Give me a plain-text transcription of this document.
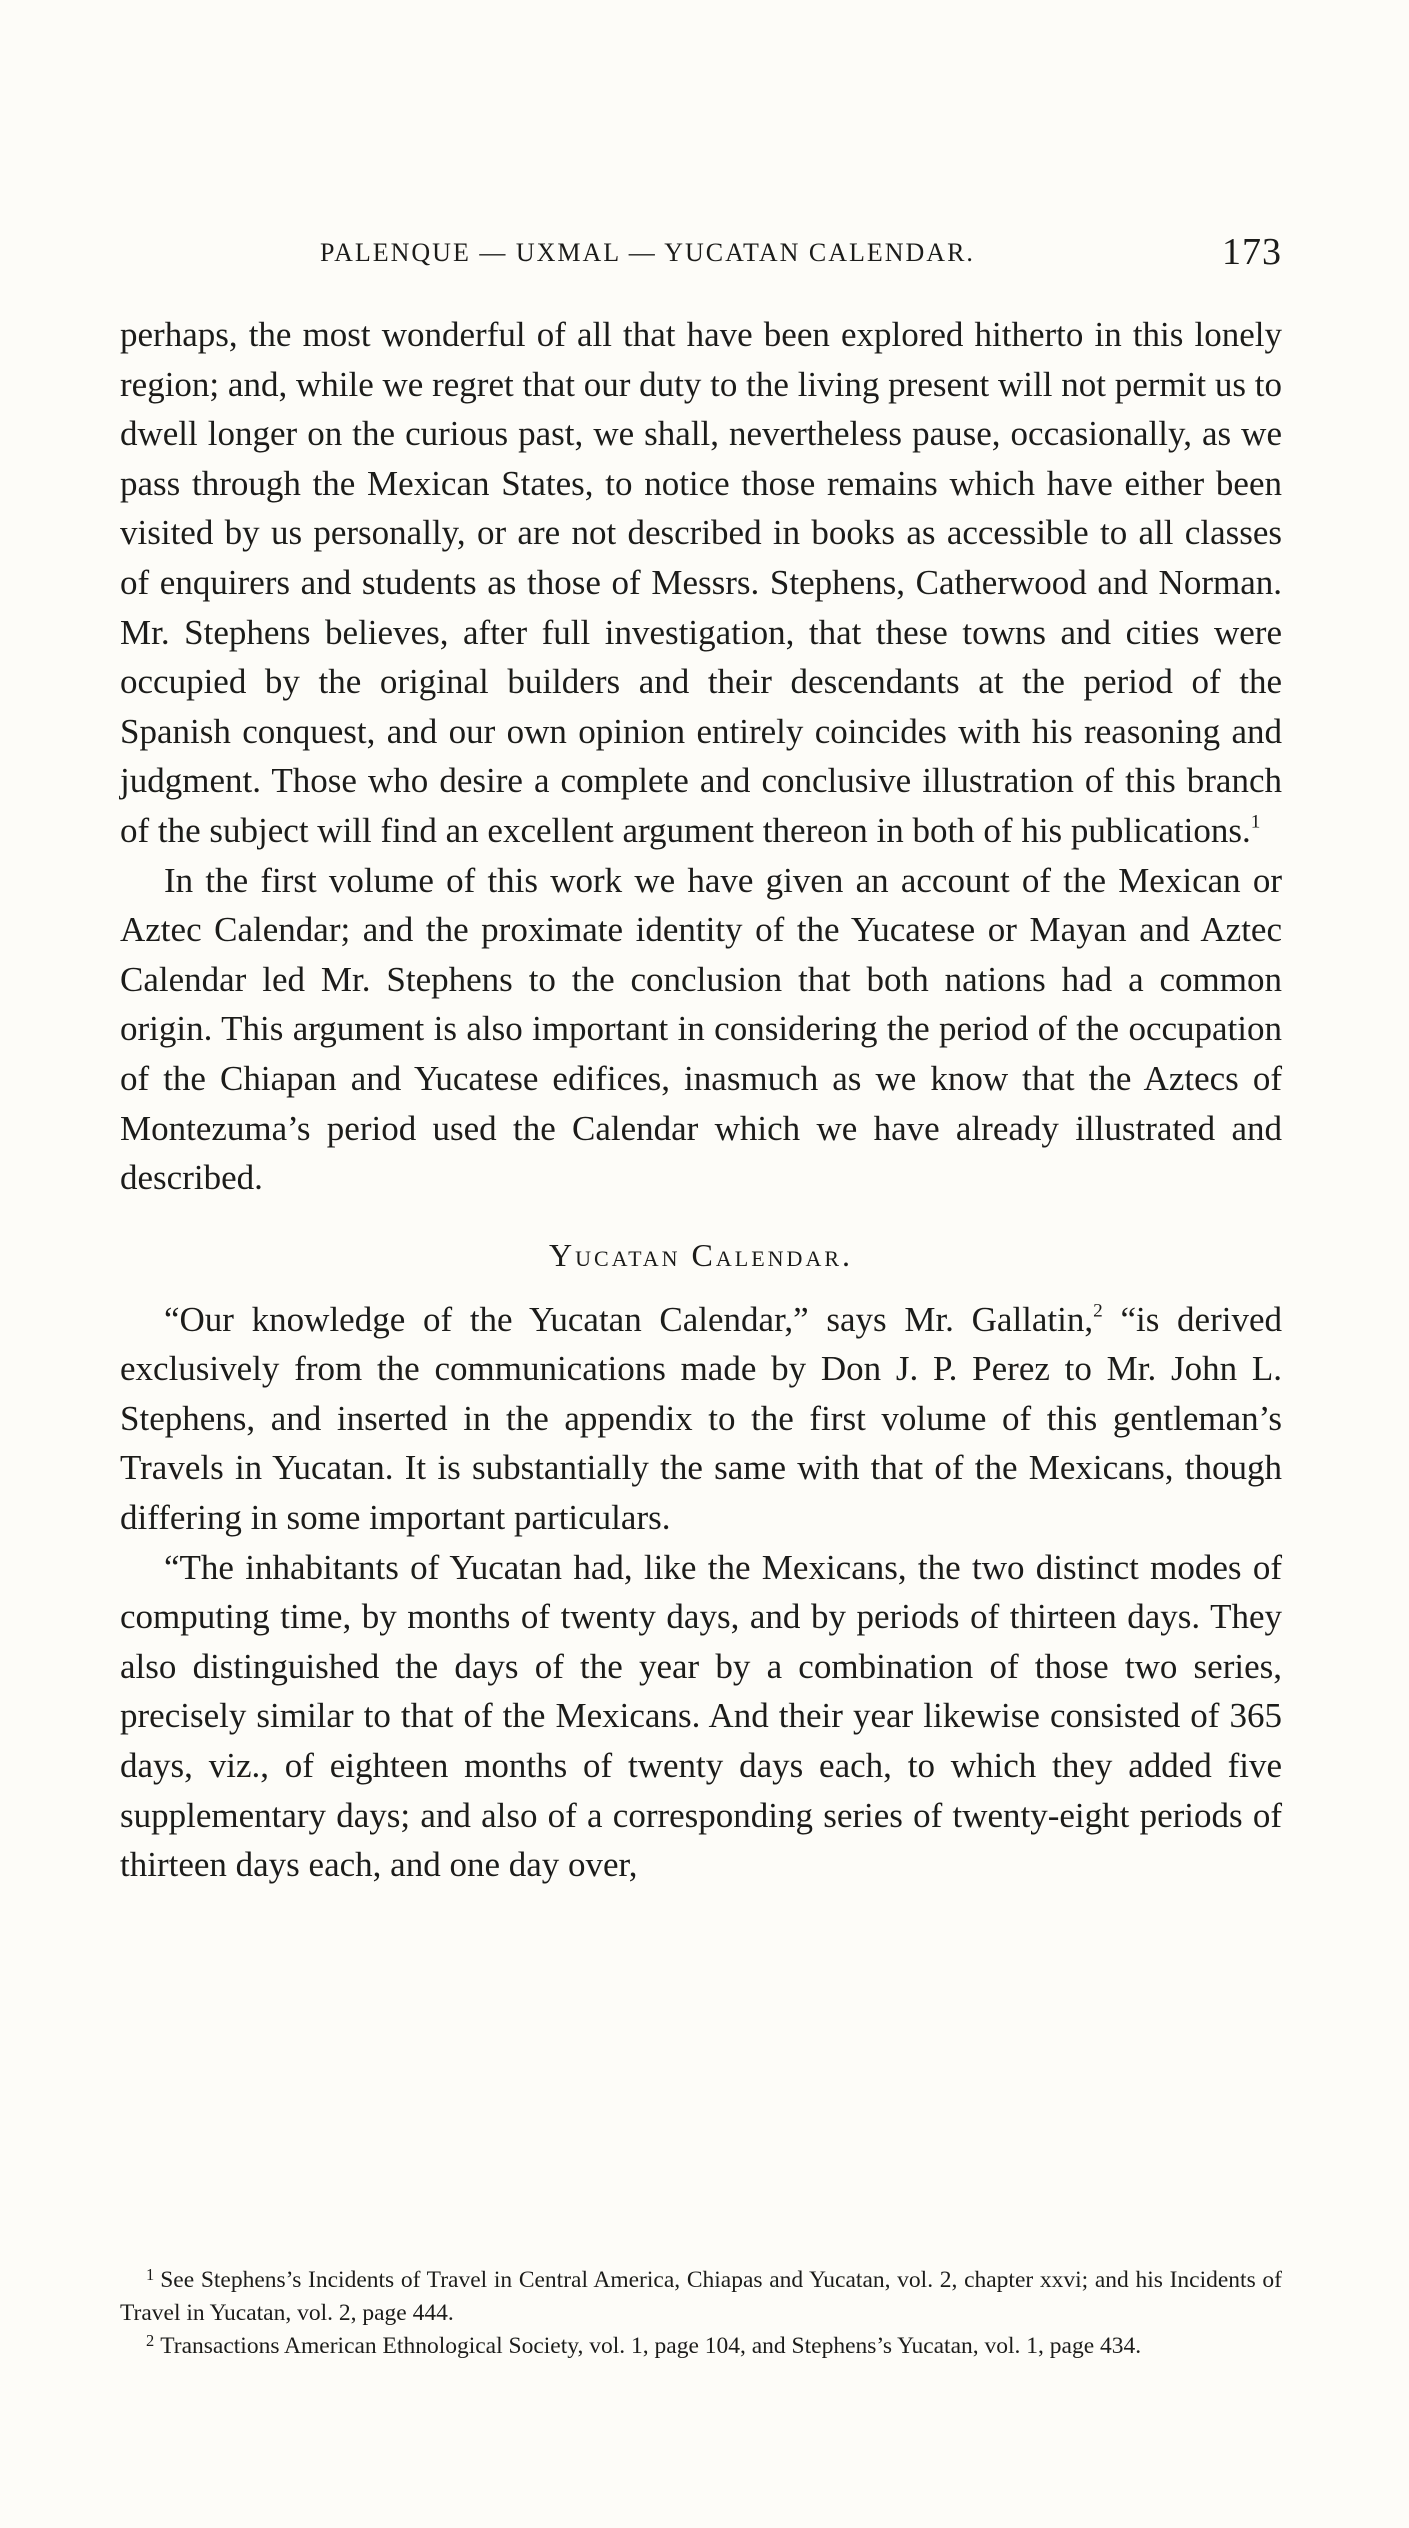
PALENQUE — UXMAL — YUCATAN CALENDAR.	173

perhaps, the most wonderful of all that have been explored hitherto in this lonely region; and, while we regret that our duty to the living present will not permit us to dwell longer on the curious past, we shall, nevertheless pause, occasionally, as we pass through the Mexican States, to notice those remains which have either been visited by us personally, or are not described in books as accessible to all classes of enquirers and students as those of Messrs. Stephens, Catherwood and Norman. Mr. Stephens believes, after full investigation, that these towns and cities were occupied by the original builders and their descendants at the period of the Spanish conquest, and our own opinion entirely coincides with his reasoning and judgment. Those who desire a complete and conclusive illustration of this branch of the subject will find an excellent argument thereon in both of his publications.$^1$

In the first volume of this work we have given an account of the Mexican or Aztec Calendar; and the proximate identity of the Yucatese or Mayan and Aztec Calendar led Mr. Stephens to the conclusion that both nations had a common origin. This argument is also important in considering the period of the occupation of the Chiapan and Yucatese edifices, inasmuch as we know that the Aztecs of Montezuma’s period used the Calendar which we have already illustrated and described.

Yucatan Calendar.

“Our knowledge of the Yucatan Calendar,” says Mr. Gallatin,$^2$ “is derived exclusively from the communications made by Don J. P. Perez to Mr. John L. Stephens, and inserted in the appendix to the first volume of this gentleman’s Travels in Yucatan. It is substantially the same with that of the Mexicans, though differing in some important particulars.

“The inhabitants of Yucatan had, like the Mexicans, the two distinct modes of computing time, by months of twenty days, and by periods of thirteen days. They also distinguished the days of the year by a combination of those two series, precisely similar to that of the Mexicans. And their year likewise consisted of 365 days, viz., of eighteen months of twenty days each, to which they added five supplementary days; and also of a corresponding series of twenty-eight periods of thirteen days each, and one day over,

$^1$ See Stephens’s Incidents of Travel in Central America, Chiapas and Yucatan, vol. 2, chapter xxvi; and his Incidents of Travel in Yucatan, vol. 2, page 444.

$^2$ Transactions American Ethnological Society, vol. 1, page 104, and Stephens’s Yucatan, vol. 1, page 434.
